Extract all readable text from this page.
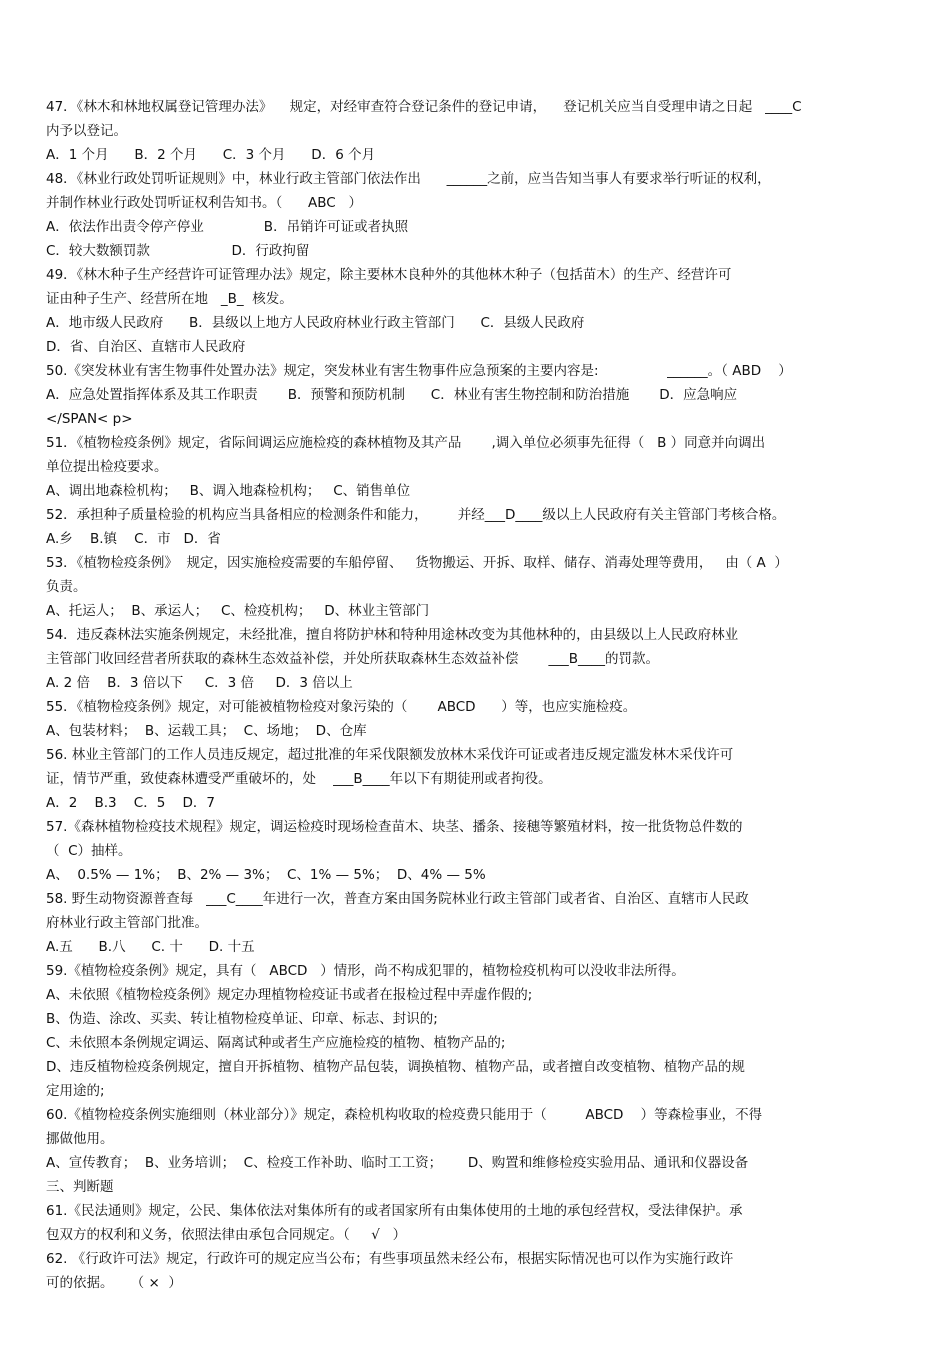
47．《林木和林地权属登记管理办法》    规定，对经审查符合登记条件的登记申请，    登记机关应当自受理申请之日起   ____C
内予以登记。
A．1 个月      B．2 个月      C．3 个月      D．6 个月
48．《林业行政处罚听证规则》中，林业行政主管部门依法作出      ______之前，应当告知当事人有要求举行听证的权利，
并制作林业行政处罚听证权利告知书。（      ABC   ）
C．较大数额罚款                   D．行政拘留
A．依法作出责令停产停业              B．吊销许可证或者执照
49．《林木种子生产经营许可证管理办法》规定，除主要林木良种外的其他林木种子（包括苗木）的生产、经营许可
证由种子生产、经营所在地   _B_  核发。
A．地市级人民政府      B．县级以上地方人民政府林业行政主管部门      C．县级人民政府
D．省、自治区、直辖市人民政府
50.《突发林业有害生物事件处置办法》规定，突发林业有害生物事件应急预案的主要内容是:                ______。（ ABD    ）
A．应急处置指挥体系及其工作职责       B．预警和预防机制      C．林业有害生物控制和防治措施       D．应急响应
</SPAN< p>
51．《植物检疫条例》规定，省际间调运应施检疫的森林植物及其产品       ,调入单位必须事先征得（   B ）同意并向调出
单位提出检疫要求。
A、调出地森检机构；   B、调入地森检机构；   C、销售单位
52．承担种子质量检验的机构应当具备相应的检测条件和能力，       并经___D____级以上人民政府有关主管部门考核合格。
A.乡    B.镇    C．市   D．省
53．《植物检疫条例》  规定，因实施检疫需要的车船停留、   货物搬运、开拆、取样、储存、消毒处理等费用，   由（ A  ）
负责。
A、托运人；  B、承运人；   C、检疫机构；   D、林业主管部门
54．违反森林法实施条例规定，未经批准，擅自将防护林和特种用途林改变为其他林种的，由县级以上人民政府林业
主管部门收回经营者所获取的森林生态效益补偿，并处所获取森林生态效益补偿       ___B____的罚款。
A. 2 倍    B．3 倍以下     C．3 倍     D．3 倍以上
55．《植物检疫条例》规定，对可能被植物检疫对象污染的（       ABCD      ）等，也应实施检疫。
A、包装材料；  B、运载工具；  C、场地；  D、仓库
56. 林业主管部门的工作人员违反规定，超过批准的年采伐限额发放林木采伐许可证或者违反规定滥发林木采伐许可
证，情节严重，致使森林遭受严重破坏的，处    ___B____年以下有期徒刑或者拘役。
A．2    B.3    C．5    D．7
57.《森林植物检疫技术规程》规定，调运检疫时现场检查苗木、块茎、播条、接穗等繁殖材料，按一批货物总件数的
（  C）抽样。
A、  0.5% — 1%；  B、2% — 3%；  C、1% — 5%；  D、4% — 5%
58. 野生动物资源普查每   ___C____年进行一次，普查方案由国务院林业行政主管部门或者省、自治区、直辖市人民政
府林业行政主管部门批准。
A.五      B.八      C. 十      D. 十五
59.《植物检疫条例》规定，具有（   ABCD   ）情形，尚不构成犯罪的，植物检疫机构可以没收非法所得。
A、未依照《植物检疫条例》规定办理植物检疫证书或者在报检过程中弄虚作假的;
B、伪造、涂改、买卖、转让植物检疫单证、印章、标志、封识的;
C、未依照本条例规定调运、隔离试种或者生产应施检疫的植物、植物产品的;
D、违反植物检疫条例规定，擅自开拆植物、植物产品包装，调换植物、植物产品，或者擅自改变植物、植物产品的规
定用途的;
60.《植物检疫条例实施细则（林业部分）》规定，森检机构收取的检疫费只能用于（         ABCD    ）等森检事业，不得
挪做他用。
A、宣传教育；  B、业务培训；  C、检疫工作补助、临时工工资；      D、购置和维修检疫实验用品、通讯和仪器设备
三、判断题
61.《民法通则》规定，公民、集体依法对集体所有的或者国家所有由集体使用的土地的承包经营权，受法律保护。承
包双方的权利和义务，依照法律由承包合同规定。（     √   ）
62. 《行政许可法》规定，行政许可的规定应当公布；有些事项虽然未经公布，根据实际情况也可以作为实施行政许
可的依据。    （ ×  ）
